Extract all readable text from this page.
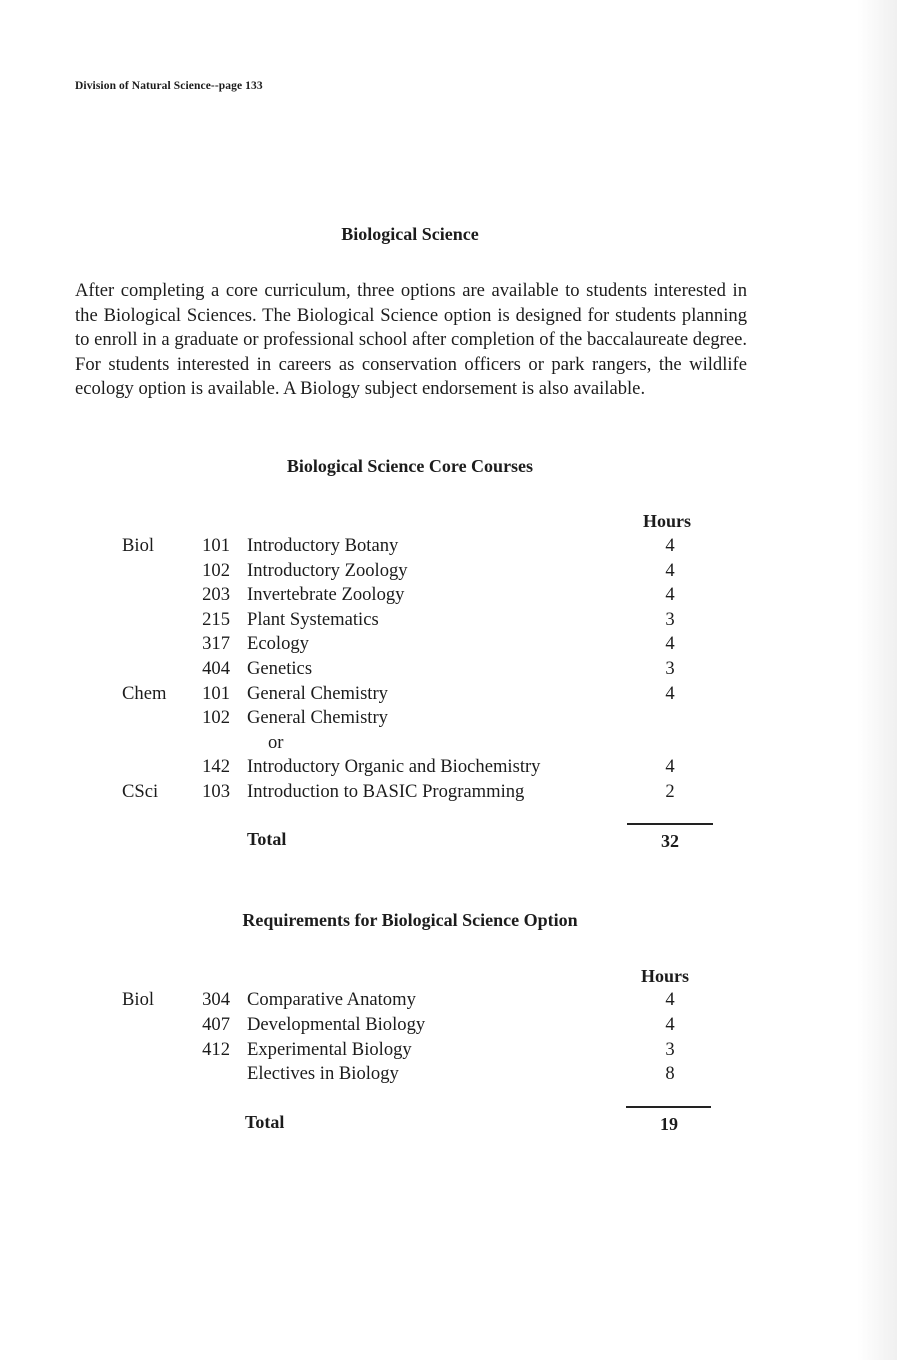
Division of Natural Science--page 133
Biological Science

After completing a core curriculum, three options are available to students interested in the Biological Sciences. The Biological Science option is designed for students planning to enroll in a graduate or professional school after completion of the baccalaureate degree. For students interested in careers as conservation officers or park rangers, the wildlife ecology option is available. A Biology subject endorsement is also available.

Biological Science Core Courses
Hours
Biol	101 Introductory Botany	4
102 Introductory Zoology	4
203 Invertebrate Zoology	4
215 Plant Systematics	3
317 Ecology	4
404 Genetics	3
Chem	101 General Chemistry	4
102 General Chemistry
or
142 Introductory Organic and Biochemistry	4
CSci	103 Introduction to BASIC Programming	2
Total	32
Requirements for Biological Science Option
Hours
Biol	304 Comparative Anatomy	4
407 Developmental Biology	4
412 Experimental Biology	3
Electives in Biology	8
Total	19
